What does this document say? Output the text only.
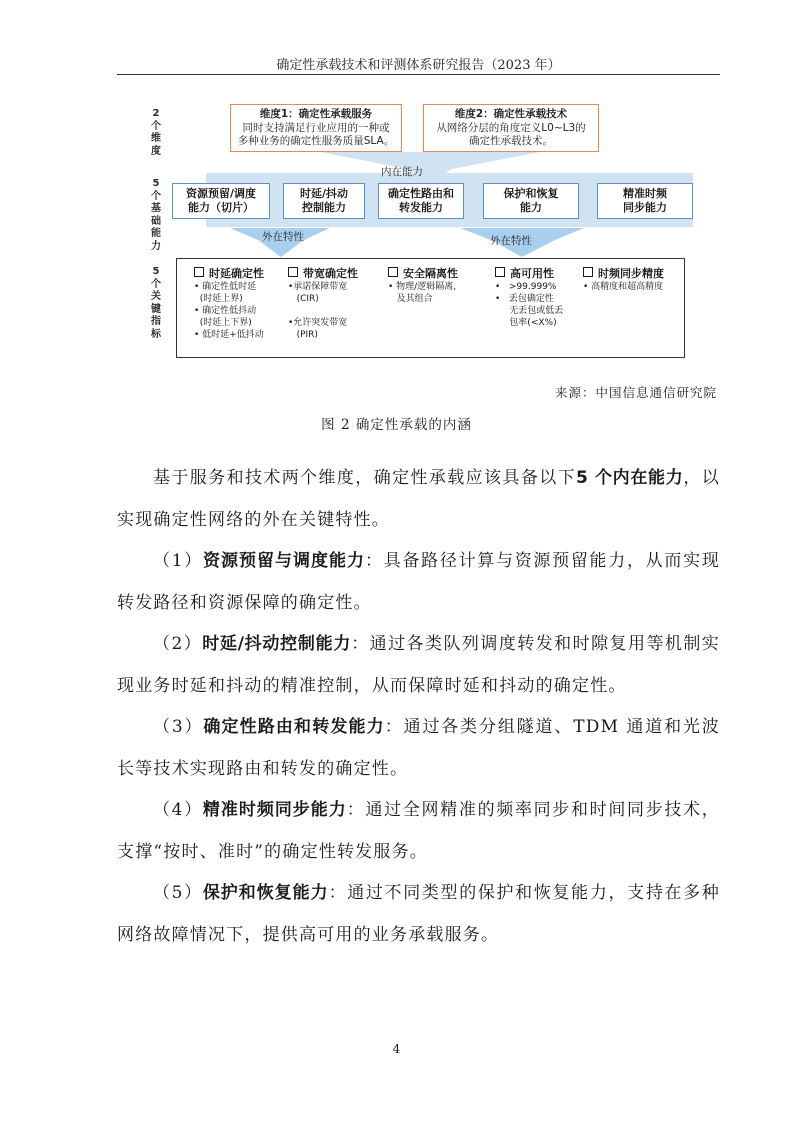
确定性承载技术和评测体系研究报告（2023 年）
2
个
维
度
5
个
基
础
能
力
5
个
关
键
指
标
维度1：确定性承载服务
同时支持满足行业应用的一种或
多种业务的确定性服务质量SLA。
维度2：确定性承载技术
从网络分层的角度定义L0~L3的
确定性承载技术。
内在能力
资源预留/调度
能力（切片）
时延/抖动
控制能力
确定性路由和
转发能力
保护和恢复
能力
精准时频
同步能力
外在特性	外在特性
时延确定性
• 确定性低时延
(时延上界)
• 确定性低抖动
(时延上下界)
• 低时延+低抖动
带宽确定性
•承诺保障带宽
(CIR)

•允许突发带宽
(PIR)
安全隔离性
• 物理/逻辑隔离,
及其组合
高可用性
•   >99.999%
•   丢包确定性
无丢包或低丢
包率(<X%)
时频同步精度
• 高精度和超高精度
来源：中国信息通信研究院
图 2 确定性承载的内涵

基于服务和技术两个维度，确定性承载应该具备以下5 个内在能力，以实现确定性网络的外在关键特性。

（1）资源预留与调度能力：具备路径计算与资源预留能力，从而实现转发路径和资源保障的确定性。

（2）时延/抖动控制能力：通过各类队列调度转发和时隙复用等机制实现业务时延和抖动的精准控制，从而保障时延和抖动的确定性。

（3）确定性路由和转发能力：通过各类分组隧道、TDM 通道和光波长等技术实现路由和转发的确定性。

（4）精准时频同步能力：通过全网精准的频率同步和时间同步技术，支撑“按时、准时”的确定性转发服务。

（5）保护和恢复能力：通过不同类型的保护和恢复能力，支持在多种网络故障情况下，提供高可用的业务承载服务。

4
